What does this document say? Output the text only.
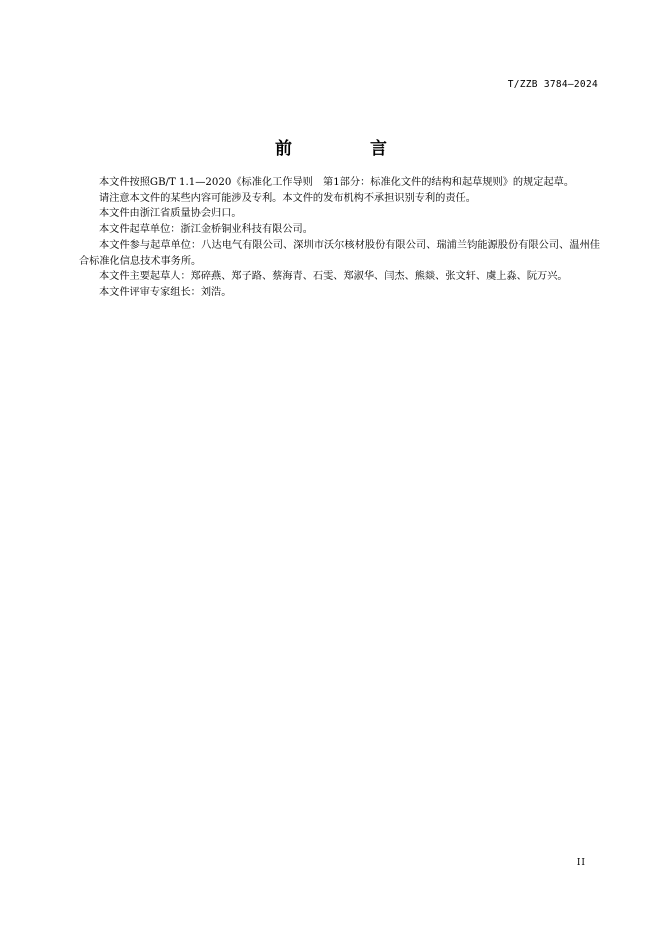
T/ZZB 3784—2024
前 言

本文件按照GB/T 1.1—2020《标准化工作导则　第1部分：标准化文件的结构和起草规则》的规定起草。

请注意本文件的某些内容可能涉及专利。本文件的发布机构不承担识别专利的责任。

本文件由浙江省质量协会归口。

本文件起草单位：浙江金桥铜业科技有限公司。

本文件参与起草单位：八达电气有限公司、深圳市沃尔核材股份有限公司、瑞浦兰钧能源股份有限公司、温州佳合标准化信息技术事务所。

本文件主要起草人：郑碎燕、郑子路、蔡海青、石雯、郑淑华、闫杰、熊燚、张文轩、虞上淼、阮万兴。

本文件评审专家组长：刘浩。

II
